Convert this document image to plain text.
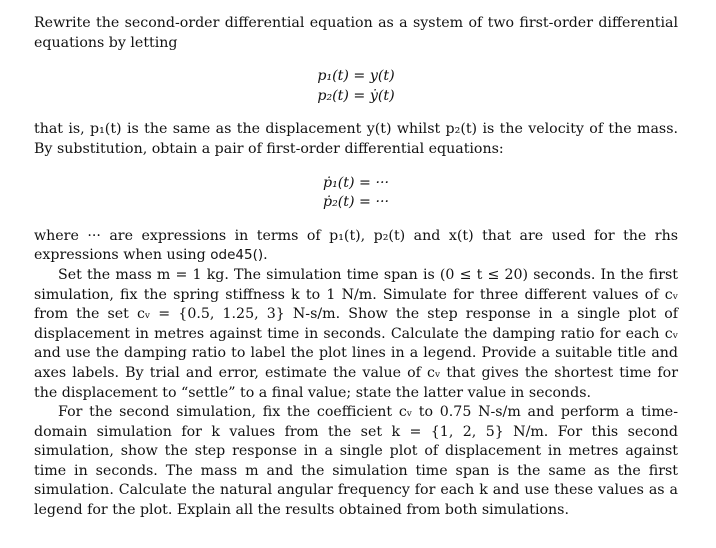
Rewrite the second-order differential equation as a system of two first-order differential equations by letting

p₁(t) = y(t)

p₂(t) = ẏ(t)

that is, p₁(t) is the same as the displacement y(t) whilst p₂(t) is the velocity of the mass. By substitution, obtain a pair of first-order differential equations:

ṗ₁(t) = ···

ṗ₂(t) = ···

where ··· are expressions in terms of p₁(t), p₂(t) and x(t) that are used for the rhs expressions when using ode45().

Set the mass m = 1 kg. The simulation time span is (0 ≤ t ≤ 20) seconds. In the first simulation, fix the spring stiffness k to 1 N/m. Simulate for three different values of cᵥ from the set cᵥ = {0.5, 1.25, 3} N-s/m. Show the step response in a single plot of displacement in metres against time in seconds. Calculate the damping ratio for each cᵥ and use the damping ratio to label the plot lines in a legend. Provide a suitable title and axes labels. By trial and error, estimate the value of cᵥ that gives the shortest time for the displacement to “settle” to a final value; state the latter value in seconds.

For the second simulation, fix the coefficient cᵥ to 0.75 N-s/m and perform a time-domain simulation for k values from the set k = {1, 2, 5} N/m. For this second simulation, show the step response in a single plot of displacement in metres against time in seconds. The mass m and the simulation time span is the same as the first simulation. Calculate the natural angular frequency for each k and use these values as a legend for the plot. Explain all the results obtained from both simulations.
